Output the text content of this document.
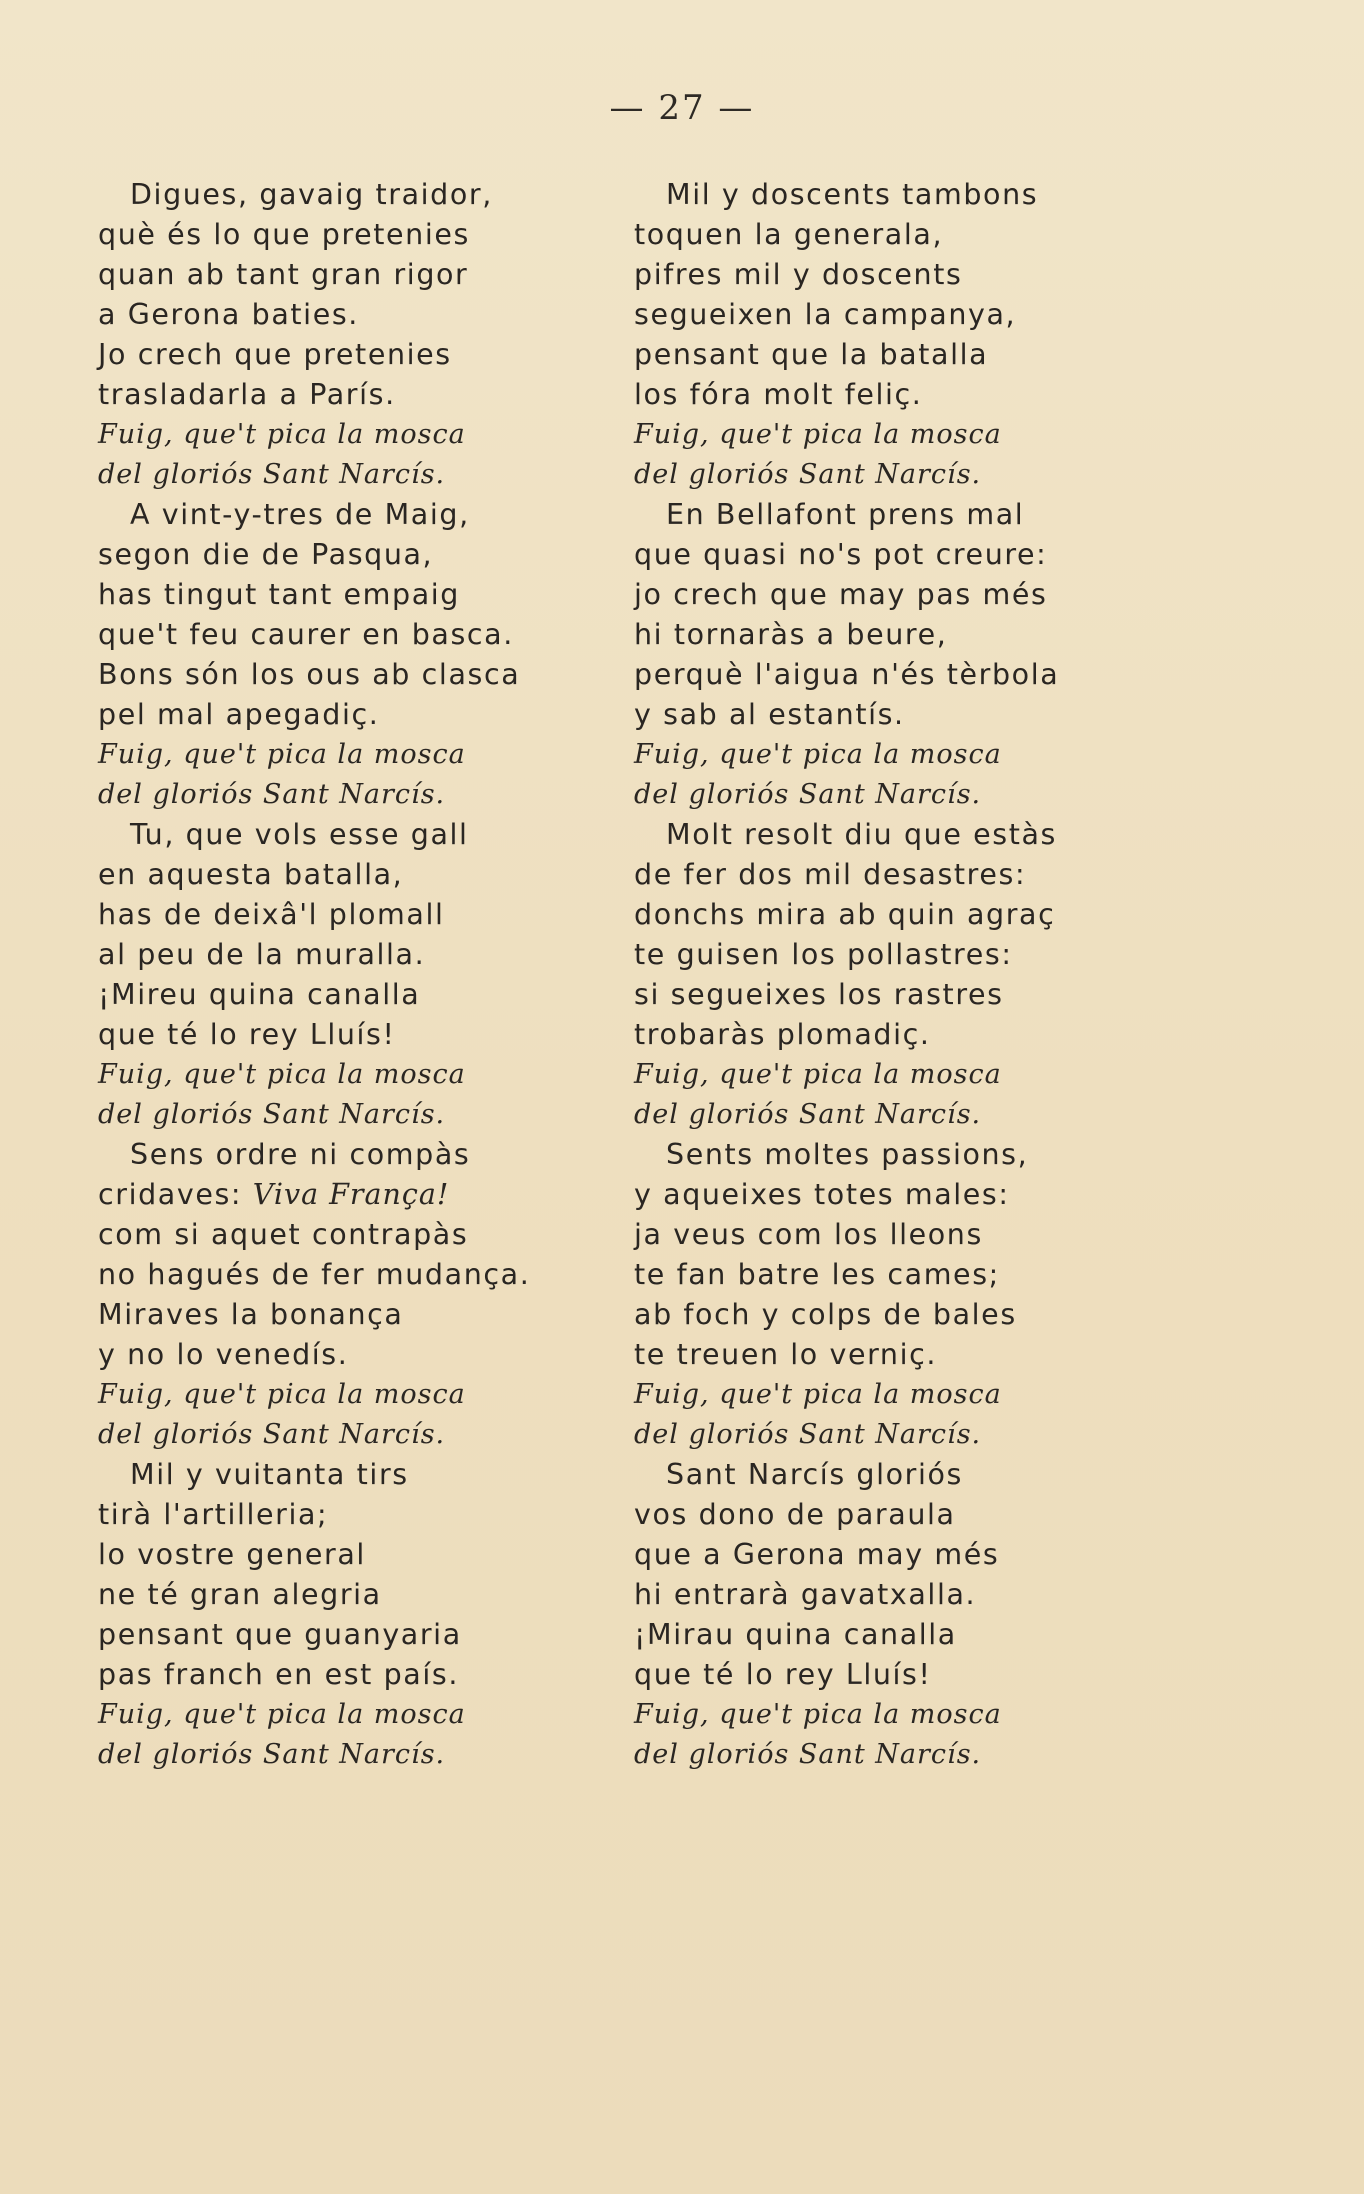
— 27 —
Digues, gavaig traidor,
què és lo que pretenies
quan ab tant gran rigor
a Gerona baties.
Jo crech que pretenies
trasladarla a París.
Fuig, que't pica la mosca
del gloriós Sant Narcís.
A vint-y-tres de Maig,
segon die de Pasqua,
has tingut tant empaig
que't feu caurer en basca.
Bons són los ous ab clasca
pel mal apegadiç.
Fuig, que't pica la mosca
del gloriós Sant Narcís.
Tu, que vols esse gall
en aquesta batalla,
has de deixâ'l plomall
al peu de la muralla.
¡Mireu quina canalla
que té lo rey Lluís!
Fuig, que't pica la mosca
del gloriós Sant Narcís.
Sens ordre ni compàs
cridaves: Viva França!
com si aquet contrapàs
no hagués de fer mudança.
Miraves la bonança
y no lo venedís.
Fuig, que't pica la mosca
del gloriós Sant Narcís.
Mil y vuitanta tirs
tirà l'artilleria;
lo vostre general
ne té gran alegria
pensant que guanyaria
pas franch en est país.
Fuig, que't pica la mosca
del gloriós Sant Narcís.
Mil y doscents tambons
toquen la generala,
pifres mil y doscents
segueixen la campanya,
pensant que la batalla
los fóra molt feliç.
Fuig, que't pica la mosca
del gloriós Sant Narcís.
En Bellafont prens mal
que quasi no's pot creure:
jo crech que may pas més
hi tornaràs a beure,
perquè l'aigua n'és tèrbola
y sab al estantís.
Fuig, que't pica la mosca
del gloriós Sant Narcís.
Molt resolt diu que estàs
de fer dos mil desastres:
donchs mira ab quin agraç
te guisen los pollastres:
si segueixes los rastres
trobaràs plomadiç.
Fuig, que't pica la mosca
del gloriós Sant Narcís.
Sents moltes passions,
y aqueixes totes males:
ja veus com los lleons
te fan batre les cames;
ab foch y colps de bales
te treuen lo verniç.
Fuig, que't pica la mosca
del gloriós Sant Narcís.
Sant Narcís gloriós
vos dono de paraula
que a Gerona may més
hi entrarà gavatxalla.
¡Mirau quina canalla
que té lo rey Lluís!
Fuig, que't pica la mosca
del gloriós Sant Narcís.
